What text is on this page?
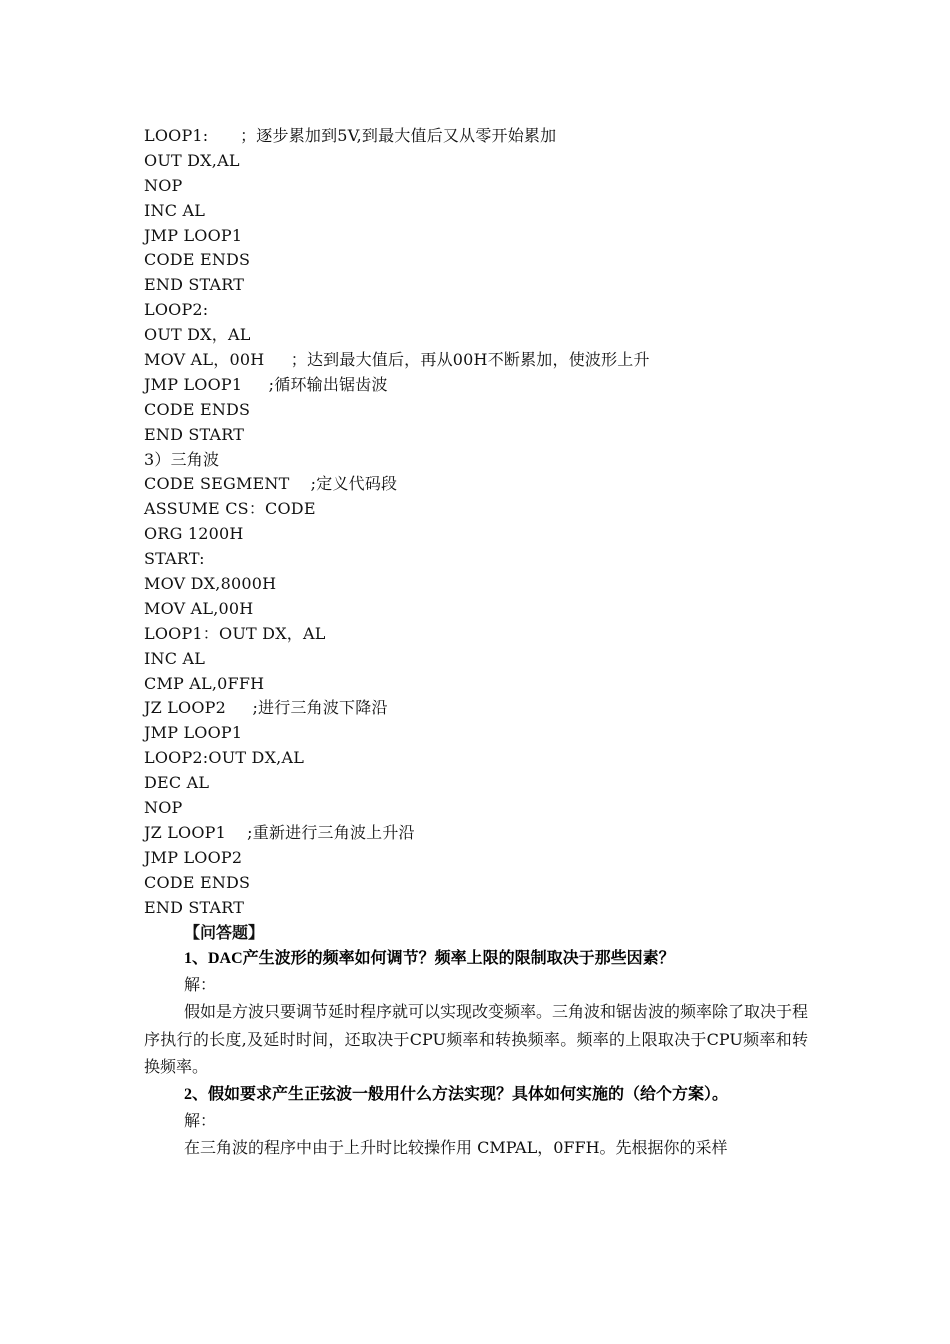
LOOP1:      ；逐步累加到5V,到最大值后又从零开始累加
OUT DX,AL
NOP
INC AL
JMP LOOP1
CODE ENDS
END START
LOOP2:
OUT DX，AL
MOV AL，00H     ；达到最大值后，再从00H不断累加，使波形上升
JMP LOOP1     ;循环输出锯齿波
CODE ENDS
END START
3）三角波
CODE SEGMENT    ;定义代码段
ASSUME CS：CODE
ORG 1200H
START:
MOV DX,8000H
MOV AL,00H
LOOP1：OUT DX，AL
INC AL
CMP AL,0FFH
JZ LOOP2     ;进行三角波下降沿
JMP LOOP1
LOOP2:OUT DX,AL
DEC AL
NOP
JZ LOOP1    ;重新进行三角波上升沿
JMP LOOP2
CODE ENDS
END START
【问答题】
1、DAC产生波形的频率如何调节？频率上限的限制取决于那些因素？
解：
假如是方波只要调节延时程序就可以实现改变频率。三角波和锯齿波的频率除了取决于程序执行的长度,及延时时间，还取决于CPU频率和转换频率。频率的上限取决于CPU频率和转换频率。
2、假如要求产生正弦波一般用什么方法实现？具体如何实施的（给个方案）。
解：
在三角波的程序中由于上升时比较操作用 CMPAL，0FFH。先根据你的采样
